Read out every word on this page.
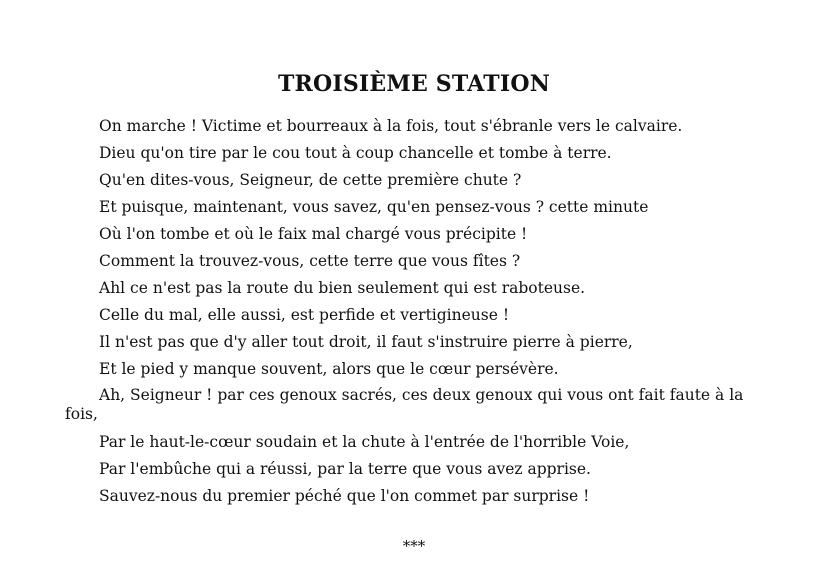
TROISIÈME STATION

On marche ! Victime et bourreaux à la fois, tout s'ébranle vers le calvaire.

Dieu qu'on tire par le cou tout à coup chancelle et tombe à terre.

Qu'en dites-vous, Seigneur, de cette première chute ?

Et puisque, maintenant, vous savez, qu'en pensez-vous ? cette minute

Où l'on tombe et où le faix mal chargé vous précipite !

Comment la trouvez-vous, cette terre que vous fîtes ?

Ahl ce n'est pas la route du bien seulement qui est raboteuse.

Celle du mal, elle aussi, est perfide et vertigineuse !

Il n'est pas que d'y aller tout droit, il faut s'instruire pierre à pierre,

Et le pied y manque souvent, alors que le cœur persévère.

Ah, Seigneur ! par ces genoux sacrés, ces deux genoux qui vous ont fait faute à la fois,

Par le haut-le-cœur soudain et la chute à l'entrée de l'horrible Voie,

Par l'embûche qui a réussi, par la terre que vous avez apprise.

Sauvez-nous du premier péché que l'on commet par surprise !

***
